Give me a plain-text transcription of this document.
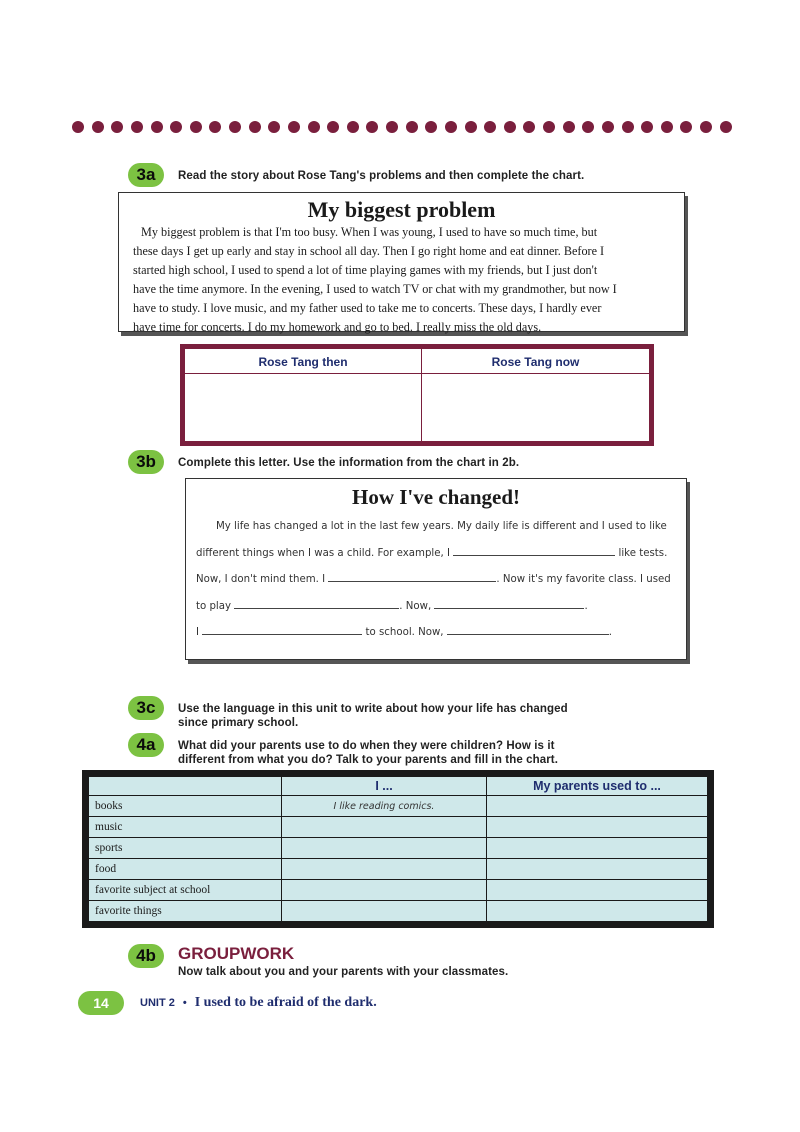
3a	Read the story about Rose Tang's problems and then complete the chart.
My biggest problem
My biggest problem is that I'm too busy. When I was young, I used to have so much time, but
these days I get up early and stay in school all day. Then I go right home and eat dinner. Before I
started high school, I used to spend a lot of time playing games with my friends, but I just don't
have the time anymore. In the evening, I used to watch TV or chat with my grandmother, but now I
have to study. I love music, and my father used to take me to concerts. These days, I hardly ever
have time for concerts. I do my homework and go to bed. I really miss the old days.
Rose Tang then	Rose Tang now
3b	Complete this letter. Use the information from the chart in 2b.
How I've changed!
My life has changed a lot in the last few years. My daily life is different and I used to like
different things when I was a child. For example, I	like tests.
Now, I don't mind them. I	. Now it's my favorite class. I used
to play	. Now,	.
I	to school. Now,	.
3c	Use the language in this unit to write about how your life has changed
since primary school.
4a	What did your parents use to do when they were children? How is it
different from what you do? Talk to your parents and fill in the chart.
	I ...	My parents used to ...
books	I like reading comics.	
music		
sports		
food		
favorite subject at school		
favorite things		
4b	GROUPWORK
Now talk about you and your parents with your classmates.
14	UNIT 2 • I used to be afraid of the dark.
